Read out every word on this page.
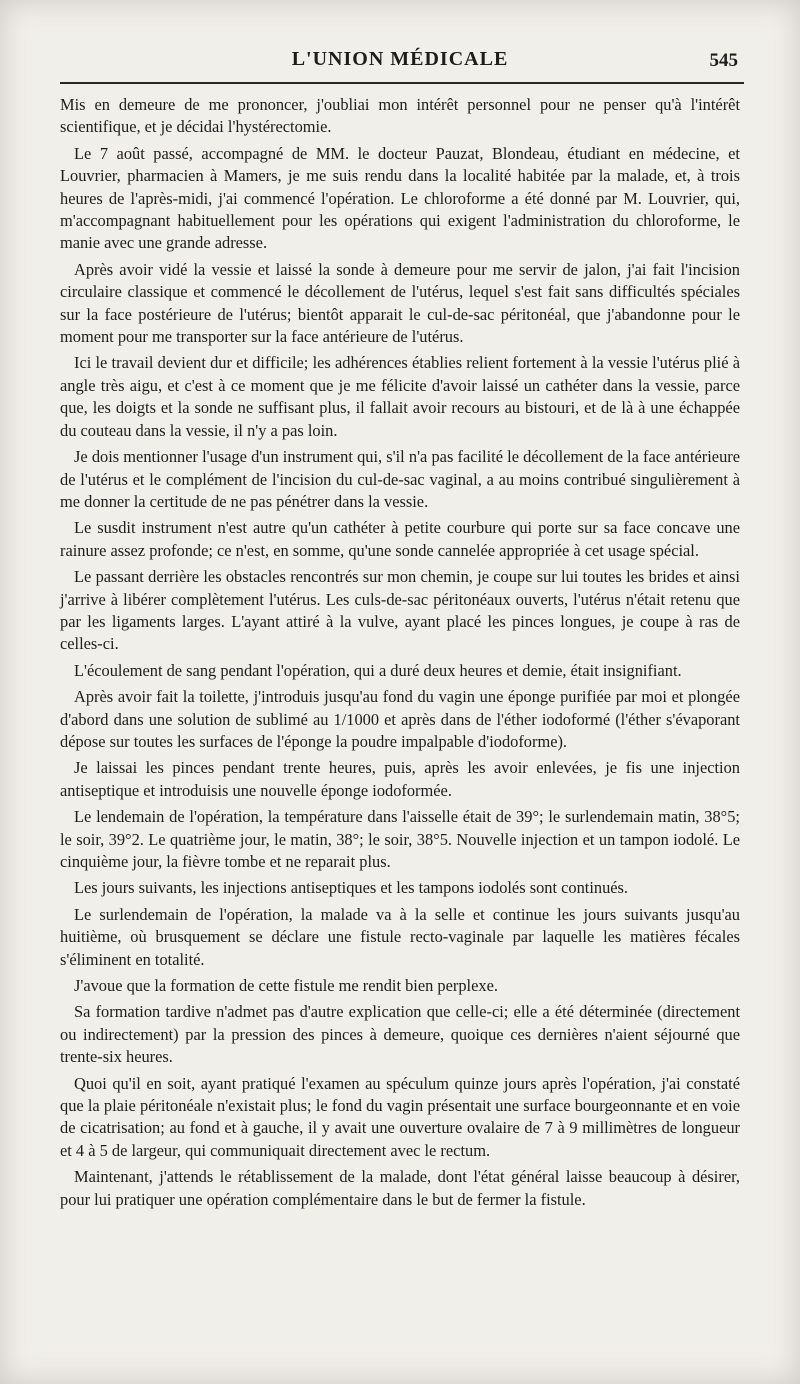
L'UNION MÉDICALE	545

Mis en demeure de me prononcer, j'oubliai mon intérêt personnel pour ne penser qu'à l'intérêt scientifique, et je décidai l'hystérectomie.

Le 7 août passé, accompagné de MM. le docteur Pauzat, Blondeau, étudiant en médecine, et Louvrier, pharmacien à Mamers, je me suis rendu dans la localité habitée par la malade, et, à trois heures de l'après-midi, j'ai commencé l'opération. Le chloroforme a été donné par M. Louvrier, qui, m'accompagnant habituellement pour les opérations qui exigent l'administration du chloroforme, le manie avec une grande adresse.

Après avoir vidé la vessie et laissé la sonde à demeure pour me servir de jalon, j'ai fait l'incision circulaire classique et commencé le décollement de l'utérus, lequel s'est fait sans difficultés spéciales sur la face postérieure de l'utérus; bientôt apparait le cul-de-sac péritonéal, que j'abandonne pour le moment pour me transporter sur la face antérieure de l'utérus.

Ici le travail devient dur et difficile; les adhérences établies relient fortement à la vessie l'utérus plié à angle très aigu, et c'est à ce moment que je me félicite d'avoir laissé un cathéter dans la vessie, parce que, les doigts et la sonde ne suffisant plus, il fallait avoir recours au bistouri, et de là à une échappée du couteau dans la vessie, il n'y a pas loin.

Je dois mentionner l'usage d'un instrument qui, s'il n'a pas facilité le décollement de la face antérieure de l'utérus et le complément de l'incision du cul-de-sac vaginal, a au moins contribué singulièrement à me donner la certitude de ne pas pénétrer dans la vessie.

Le susdit instrument n'est autre qu'un cathéter à petite courbure qui porte sur sa face concave une rainure assez profonde; ce n'est, en somme, qu'une sonde cannelée appropriée à cet usage spécial.

Le passant derrière les obstacles rencontrés sur mon chemin, je coupe sur lui toutes les brides et ainsi j'arrive à libérer complètement l'utérus. Les culs-de-sac péritonéaux ouverts, l'utérus n'était retenu que par les ligaments larges. L'ayant attiré à la vulve, ayant placé les pinces longues, je coupe à ras de celles-ci.

L'écoulement de sang pendant l'opération, qui a duré deux heures et demie, était insignifiant.

Après avoir fait la toilette, j'introduis jusqu'au fond du vagin une éponge purifiée par moi et plongée d'abord dans une solution de sublimé au 1/1000 et après dans de l'éther iodoformé (l'éther s'évaporant dépose sur toutes les surfaces de l'éponge la poudre impalpable d'iodoforme).

Je laissai les pinces pendant trente heures, puis, après les avoir enlevées, je fis une injection antiseptique et introduisis une nouvelle éponge iodoformée.

Le lendemain de l'opération, la température dans l'aisselle était de 39°; le surlendemain matin, 38°5; le soir, 39°2. Le quatrième jour, le matin, 38°; le soir, 38°5. Nouvelle injection et un tampon iodolé. Le cinquième jour, la fièvre tombe et ne reparait plus.

Les jours suivants, les injections antiseptiques et les tampons iodolés sont continués.

Le surlendemain de l'opération, la malade va à la selle et continue les jours suivants jusqu'au huitième, où brusquement se déclare une fistule recto-vaginale par laquelle les matières fécales s'éliminent en totalité.

J'avoue que la formation de cette fistule me rendit bien perplexe.

Sa formation tardive n'admet pas d'autre explication que celle-ci; elle a été déterminée (directement ou indirectement) par la pression des pinces à demeure, quoique ces dernières n'aient séjourné que trente-six heures.

Quoi qu'il en soit, ayant pratiqué l'examen au spéculum quinze jours après l'opération, j'ai constaté que la plaie péritonéale n'existait plus; le fond du vagin présentait une surface bourgeonnante et en voie de cicatrisation; au fond et à gauche, il y avait une ouverture ovalaire de 7 à 9 millimètres de longueur et 4 à 5 de largeur, qui communiquait directement avec le rectum.

Maintenant, j'attends le rétablissement de la malade, dont l'état général laisse beaucoup à désirer, pour lui pratiquer une opération complémentaire dans le but de fermer la fistule.
